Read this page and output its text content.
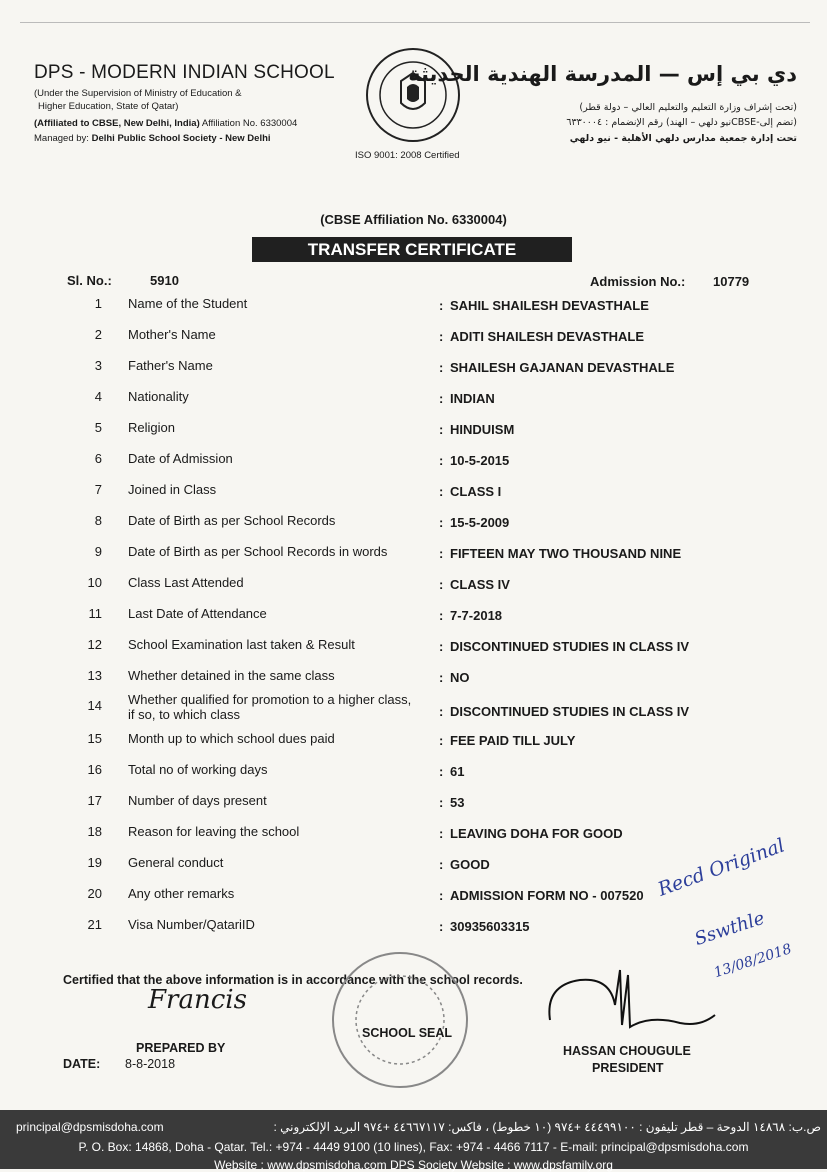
DPS - MODERN INDIAN SCHOOL
(Under the Supervision of Ministry of Education &
Higher Education, State of Qatar)
(Affiliated to CBSE, New Delhi, India) Affiliation No. 6330004
Managed by: Delhi Public School Society - New Delhi
ISO 9001: 2008 Certified
دي بي إس — المدرسة الهندية الحديثة
(تحت إشراف وزارة التعليم والتعليم العالي – دولة قطر)
(تضم إلى-CBSEنيو دلهي – الهند) رقم الإنضمام : ٦٣٣٠٠٠٤
تحت إدارة جمعية مدارس دلهي الأهلية - نيو دلهي
(CBSE Affiliation No. 6330004)
TRANSFER CERTIFICATE
Sl. No.:	5910	Admission No.: 10779
1 Name of the Student	: SAHIL SHAILESH DEVASTHALE
2 Mother's Name	: ADITI SHAILESH DEVASTHALE
3 Father's Name	: SHAILESH GAJANAN DEVASTHALE
4 Nationality	: INDIAN
5 Religion	: HINDUISM
6 Date of Admission	: 10-5-2015
7 Joined in Class	: CLASS I
8 Date of Birth as per School Records	: 15-5-2009
9 Date of Birth as per School Records in words	: FIFTEEN MAY TWO THOUSAND NINE
10 Class Last Attended	: CLASS IV
11 Last Date of Attendance	: 7-7-2018
12 School Examination last taken & Result	: DISCONTINUED STUDIES IN CLASS IV
13 Whether detained in the same class	: NO
14 Whether qualified for promotion to a higher class,
if so, to which class	: DISCONTINUED STUDIES IN CLASS IV
15 Month up to which school dues paid	: FEE PAID TILL JULY
16 Total no of working days	: 61
17 Number of days present	: 53
18 Reason for leaving the school	: LEAVING DOHA FOR GOOD
19 General conduct	: GOOD
20 Any other remarks	: ADMISSION FORM NO - 007520
21 Visa Number/QatariID	: 30935603315
Certified that the above information is in accordance with the school records.
Francis
PREPARED BY
DATE: 8-8-2018
SCHOOL SEAL
HASSAN CHOUGULE
PRESIDENT
Recd Original
Sswthle
13/08/2018
principal@dpsmisdoha.com	ص.ب: ١٤٨٦٨ الدوحة – قطر تليفون : ٤٤٤٩٩١٠٠ +٩٧٤ (١٠ خطوط) ، فاكس: ٤٤٦٦٧١١٧ +٩٧٤ البريد الإلكتروني :
P. O. Box: 14868, Doha - Qatar. Tel.: +974 - 4449 9100 (10 lines), Fax: +974 - 4466 7117 - E-mail: principal@dpsmisdoha.com
Website : www.dpsmisdoha.com DPS Society Website : www.dpsfamily.org
